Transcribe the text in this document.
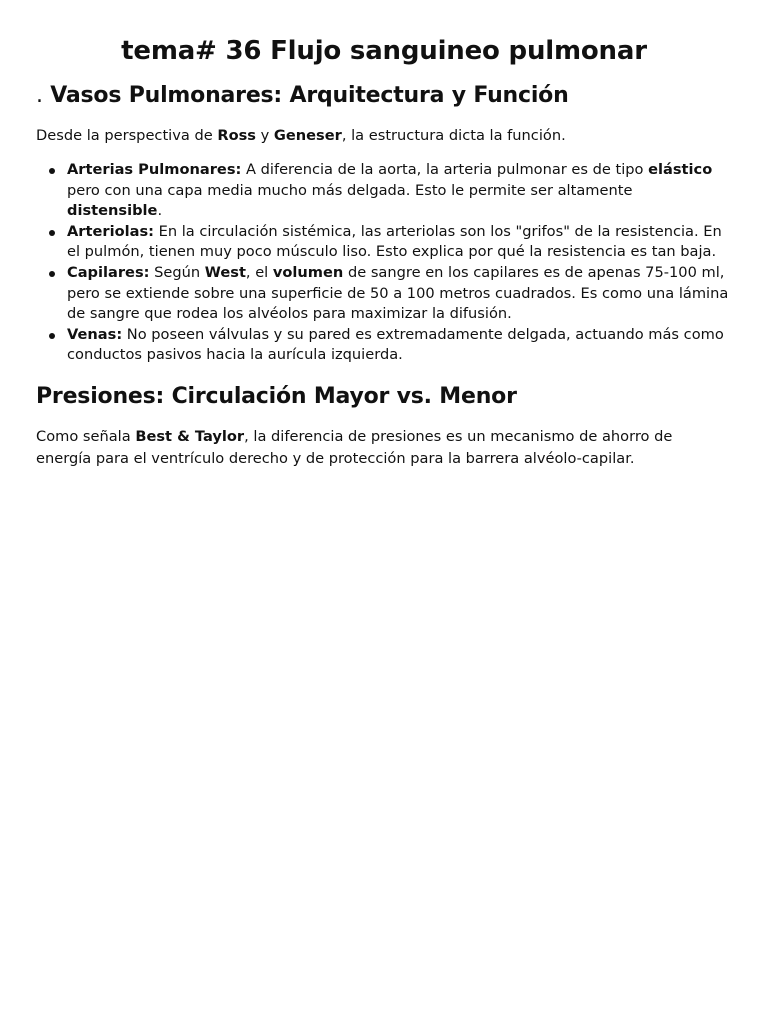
tema# 36 Flujo sanguineo pulmonar
. Vasos Pulmonares: Arquitectura y Función

Desde la perspectiva de Ross y Geneser, la estructura dicta la función.

Arterias Pulmonares: A diferencia de la aorta, la arteria pulmonar es de tipo elástico pero con una capa media mucho más delgada. Esto le permite ser altamente distensible.
Arteriolas: En la circulación sistémica, las arteriolas son los "grifos" de la resistencia. En el pulmón, tienen muy poco músculo liso. Esto explica por qué la resistencia es tan baja.
Capilares: Según West, el volumen de sangre en los capilares es de apenas 75-100 ml, pero se extiende sobre una superficie de 50 a 100 metros cuadrados. Es como una lámina de sangre que rodea los alvéolos para maximizar la difusión.
Venas: No poseen válvulas y su pared es extremadamente delgada, actuando más como conductos pasivos hacia la aurícula izquierda.
Presiones: Circulación Mayor vs. Menor

Como señala Best & Taylor, la diferencia de presiones es un mecanismo de ahorro de energía para el ventrículo derecho y de protección para la barrera alvéolo-capilar.
